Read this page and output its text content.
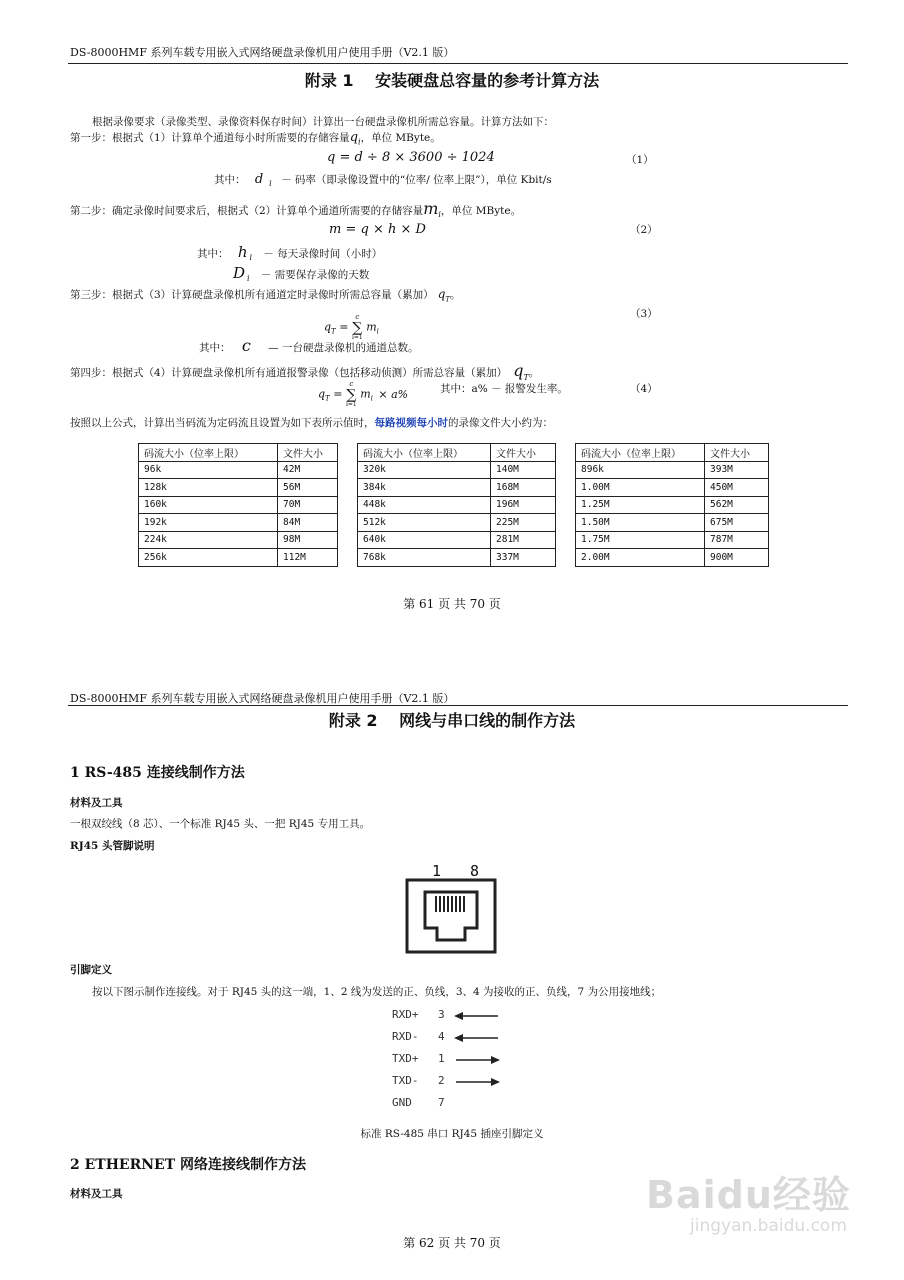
DS-8000HMF 系列车载专用嵌入式网络硬盘录像机用户使用手册（V2.1 版）
附录 1　 安装硬盘总容量的参考计算方法
根据录像要求（录像类型、录像资料保存时间）计算出一台硬盘录像机所需总容量。计算方法如下：
第一步：根据式（1）计算单个通道每小时所需要的存储容量$q_i$，单位 MByte。
q = d ÷ 8 × 3600 ÷ 1024	（1）
其中： d $_i$ － 码率（即录像设置中的“位率/ 位率上限”），单位 Kbit/s
第二步：确定录像时间要求后，根据式（2）计算单个通道所需要的存储容量$m_i$，单位 MByte。
m = q × h × D	（2）
其中： h $_i$ － 每天录像时间（小时）
D $_i$ － 需要保存录像的天数
第三步：根据式（3）计算硬盘录像机所有通道定时录像时所需总容量（累加） $q_T$。
$q_T$ =
c
∑
i=1
$m_i$
（3）
其中： c — 一台硬盘录像机的通道总数。
第四步：根据式（4）计算硬盘录像机所有通道报警录像（包括移动侦测）所需总容量（累加） $q_T$。
$q_T$ =
c
∑
i=1
$m_i \times a\%$	其中：a% － 报警发生率。	（4）
按照以上公式，计算出当码流为定码流且设置为如下表所示值时，每路视频每小时的录像文件大小约为：
码流大小（位率上限）	文件大小
96k	42M
128k	56M
160k	70M
192k	84M
224k	98M
256k	112M
码流大小（位率上限）	文件大小
320k	140M
384k	168M
448k	196M
512k	225M
640k	281M
768k	337M
码流大小（位率上限）	文件大小
896k	393M
1.00M	450M
1.25M	562M
1.50M	675M
1.75M	787M
2.00M	900M
第 61 页 共 70 页
DS-8000HMF 系列车载专用嵌入式网络硬盘录像机用户使用手册（V2.1 版）
附录 2　 网线与串口线的制作方法
1 RS-485 连接线制作方法
材料及工具
一根双绞线（8 芯）、一个标准 RJ45 头、一把 RJ45 专用工具。
RJ45 头管脚说明
1 8
引脚定义
按以下图示制作连接线。对于 RJ45 头的这一端，1、2 线为发送的正、负线，3、4 为接收的正、负线，7 为公用接地线；
RXD+ 3
RXD- 4
TXD+ 1
TXD- 2
GND 7
标准 RS-485 串口 RJ45 插座引脚定义
2 ETHERNET 网络连接线制作方法
材料及工具
第 62 页 共 70 页
Baidu经验
jingyan.baidu.com
